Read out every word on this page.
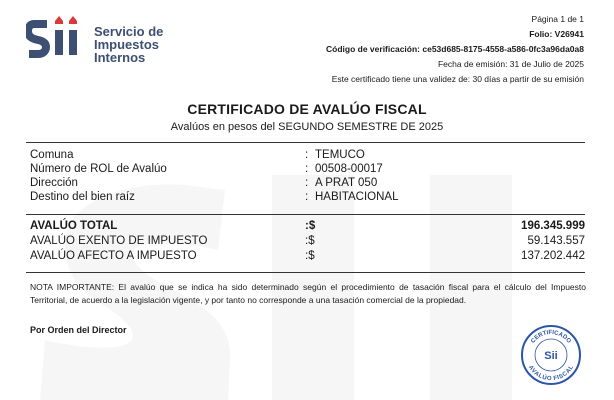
Servicio de
Impuestos
Internos
Página 1 de 1
Folio: V26941
Código de verificación: ce53d685-8175-4558-a586-0fc3a96da0a8
Fecha de emisión: 31 de Julio de 2025
Este certificado tiene una validez de: 30 días a partir de su emisión
CERTIFICADO DE AVALÚO FISCAL
Avalúos en pesos del SEGUNDO SEMESTRE DE 2025
Comuna	: TEMUCO
Número de ROL de Avalúo	: 00508-00017
Dirección	: A PRAT 050
Destino del bien raíz	: HABITACIONAL
AVALÚO TOTAL	:$	196.345.999
AVALÚO EXENTO DE IMPUESTO	:$	59.143.557
AVALÚO AFECTO A IMPUESTO	:$	137.202.442
NOTA IMPORTANTE: El avalúo que se indica ha sido determinado según el procedimiento de tasación fiscal para el cálculo del Impuesto Territorial, de acuerdo a la legislación vigente, y por tanto no corresponde a una tasación comercial de la propiedad.
Por Orden del Director
CERTIFICADO
AVALÚO FISCAL
Sii
